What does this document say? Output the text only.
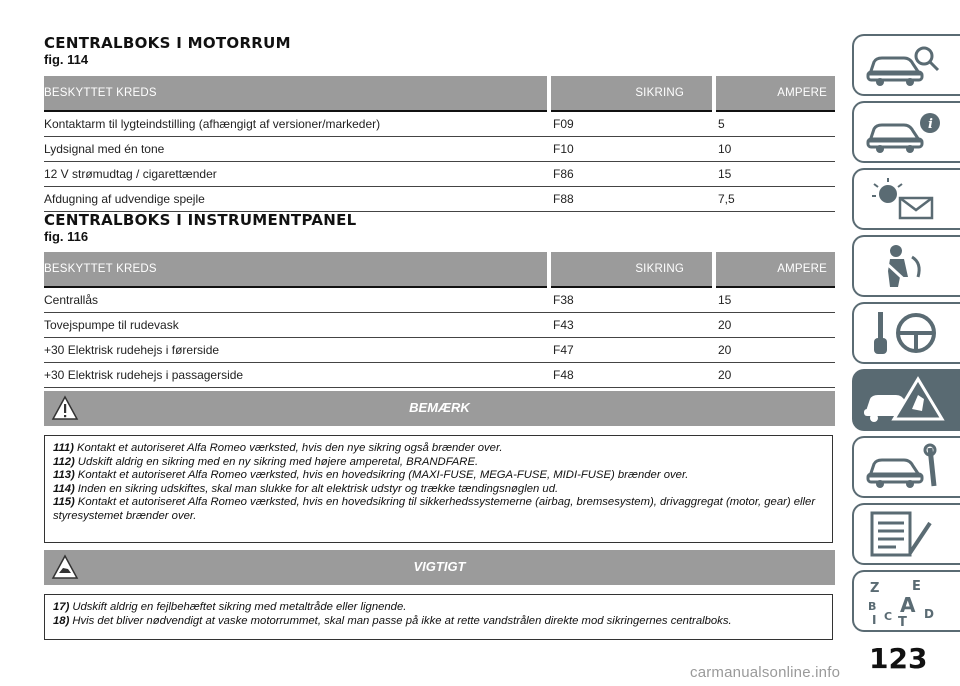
CENTRALBOKS I MOTORRUM
fig. 114
BESKYTTET KREDS	SIKRING	AMPERE
Kontaktarm til lygteindstilling (afhængigt af versioner/markeder)	F09	5
Lydsignal med én tone	F10	10
12 V strømudtag / cigarettænder	F86	15
Afdugning af udvendige spejle	F88	7,5
CENTRALBOKS I INSTRUMENTPANEL
fig. 116
BESKYTTET KREDS	SIKRING	AMPERE
Centrallås	F38	15
Tovejspumpe til rudevask	F43	20
+30 Elektrisk rudehejs i førerside	F47	20
+30 Elektrisk rudehejs i passagerside	F48	20
BEMÆRK

111) Kontakt et autoriseret Alfa Romeo værksted, hvis den nye sikring også brænder over.

112) Udskift aldrig en sikring med en ny sikring med højere amperetal, BRANDFARE.

113) Kontakt et autoriseret Alfa Romeo værksted, hvis en hovedsikring (MAXI-FUSE, MEGA-FUSE, MIDI-FUSE) brænder over.

114) Inden en sikring udskiftes, skal man slukke for alt elektrisk udstyr og trække tændingsnøglen ud.

115) Kontakt et autoriseret Alfa Romeo værksted, hvis en hovedsikring til sikkerhedssystemerne (airbag, bremsesystem), drivaggregat (motor, gear) eller styresystemet brænder over.

VIGTIGT

17) Udskift aldrig en fejlbehæftet sikring med metaltråde eller lignende.

18) Hvis det bliver nødvendigt at vaske motorrummet, skal man passe på ikke at rette vandstrålen direkte mod sikringernes centralboks.

i
Z	E
B A
I C T
D
123
carmanualsonline.info
